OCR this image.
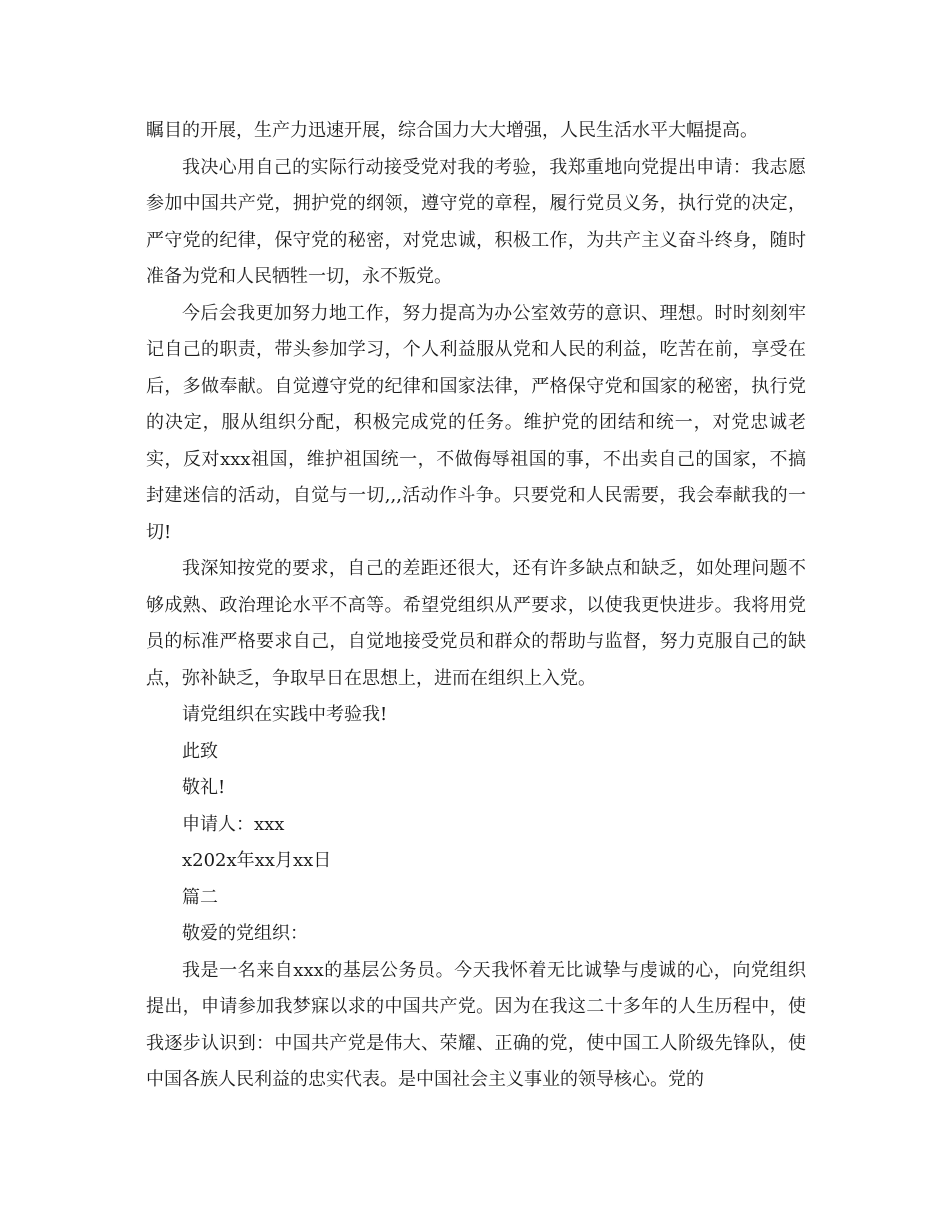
瞩目的开展，生产力迅速开展，综合国力大大增强，人民生活水平大幅提高。

我决心用自己的实际行动接受党对我的考验，我郑重地向党提出申请：我志愿参加中国共产党，拥护党的纲领，遵守党的章程，履行党员义务，执行党的决定，严守党的纪律，保守党的秘密，对党忠诚，积极工作，为共产主义奋斗终身，随时准备为党和人民牺牲一切，永不叛党。

今后会我更加努力地工作，努力提高为办公室效劳的意识、理想。时时刻刻牢记自己的职责，带头参加学习，个人利益服从党和人民的利益，吃苦在前，享受在后，多做奉献。自觉遵守党的纪律和国家法律，严格保守党和国家的秘密，执行党的决定，服从组织分配，积极完成党的任务。维护党的团结和统一，对党忠诚老实，反对xxx祖国，维护祖国统一，不做侮辱祖国的事，不出卖自己的国家，不搞封建迷信的活动，自觉与一切,,,活动作斗争。只要党和人民需要，我会奉献我的一切!

我深知按党的要求，自己的差距还很大，还有许多缺点和缺乏，如处理问题不够成熟、政治理论水平不高等。希望党组织从严要求，以使我更快进步。我将用党员的标准严格要求自己，自觉地接受党员和群众的帮助与监督，努力克服自己的缺点，弥补缺乏，争取早日在思想上，进而在组织上入党。

请党组织在实践中考验我!

此致

敬礼!

申请人：xxx

x202x年xx月xx日

篇二

敬爱的党组织：

我是一名来自xxx的基层公务员。今天我怀着无比诚挚与虔诚的心，向党组织提出，申请参加我梦寐以求的中国共产党。因为在我这二十多年的人生历程中，使我逐步认识到：中国共产党是伟大、荣耀、正确的党，使中国工人阶级先锋队，使中国各族人民利益的忠实代表。是中国社会主义事业的领导核心。党的
